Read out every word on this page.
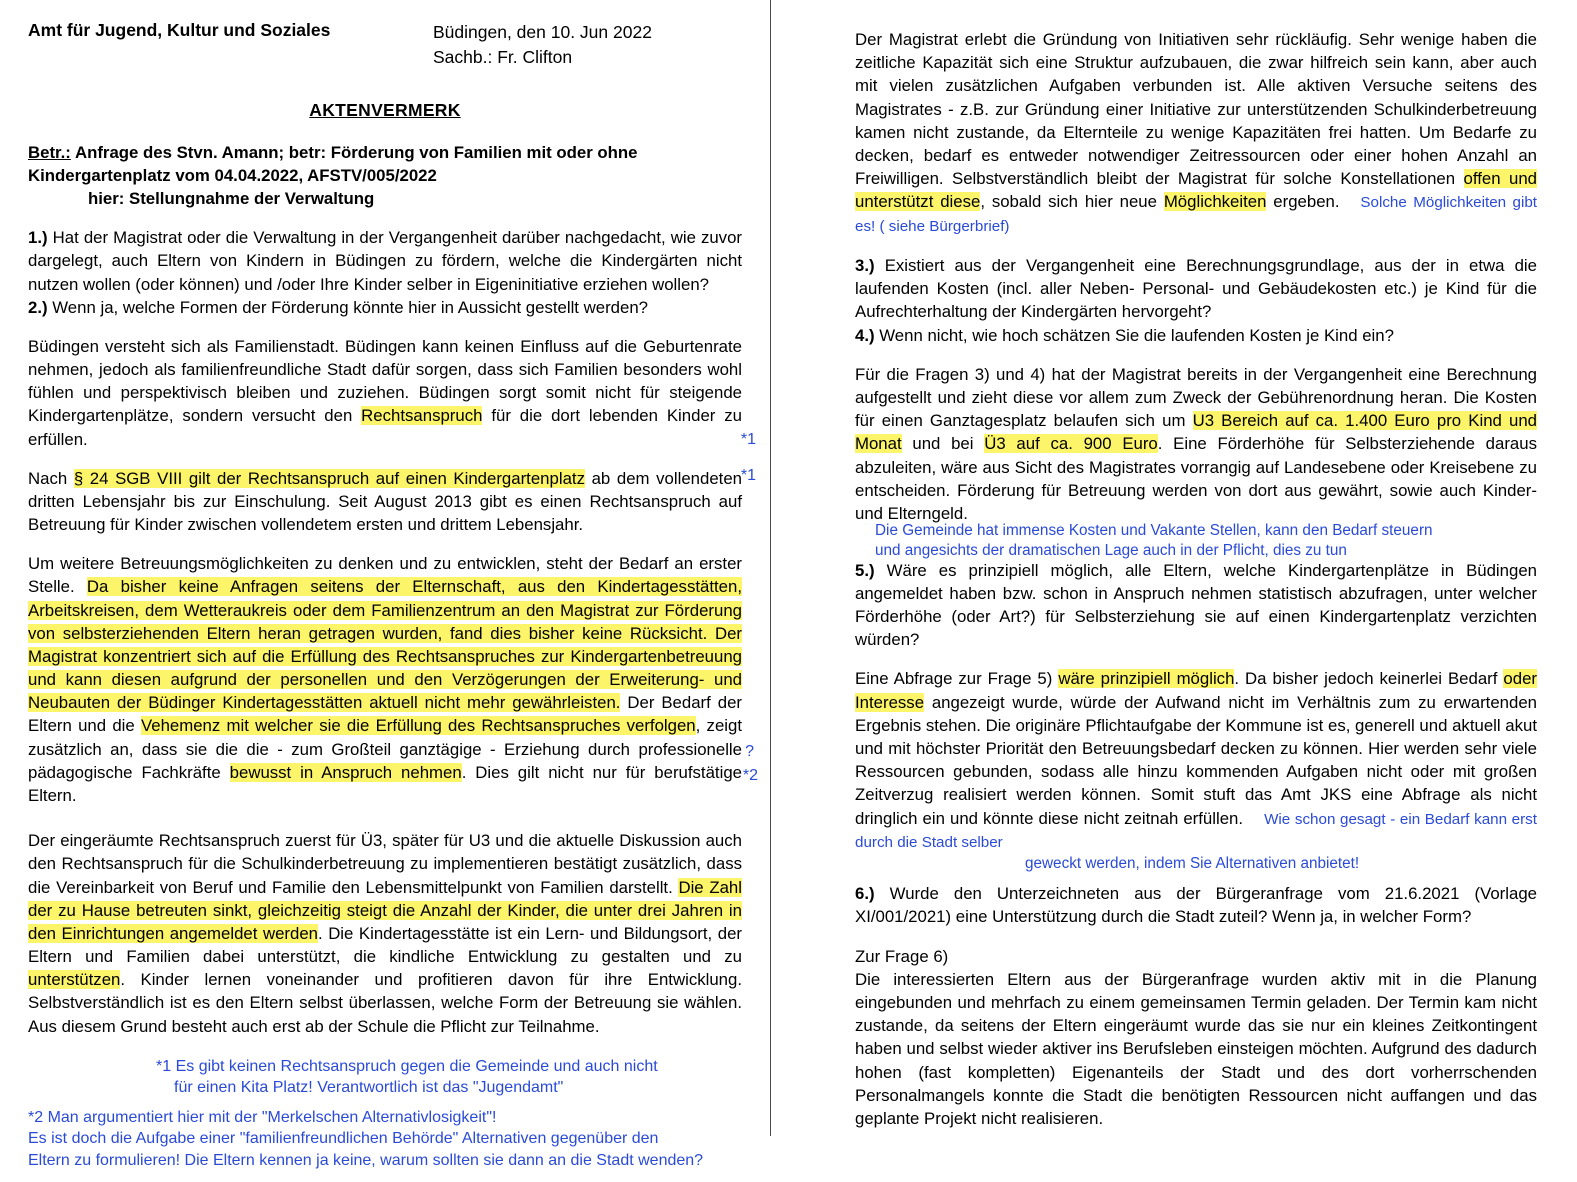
Amt für Jugend, Kultur und Soziales	Büdingen, den 10. Jun 2022
Sachb.: Fr. Clifton
AKTENVERMERK
Betr.: Anfrage des Stvn. Amann; betr: Förderung von Familien mit oder ohne
Kindergartenplatz vom 04.04.2022, AFSTV/005/2022
hier: Stellungnahme der Verwaltung

1.) Hat der Magistrat oder die Verwaltung in der Vergangenheit darüber nachgedacht, wie zuvor dargelegt, auch Eltern von Kindern in Büdingen zu fördern, welche die Kindergärten nicht nutzen wollen (oder können) und /oder Ihre Kinder selber in Eigeninitiative erziehen wollen?

2.) Wenn ja, welche Formen der Förderung könnte hier in Aussicht gestellt werden?

Büdingen versteht sich als Familienstadt. Büdingen kann keinen Einfluss auf die Geburtenrate nehmen, jedoch als familienfreundliche Stadt dafür sorgen, dass sich Familien besonders wohl fühlen und perspektivisch bleiben und zuziehen. Büdingen sorgt somit nicht für steigende Kindergartenplätze, sondern versucht den Rechtsanspruch für die dort lebenden Kinder zu erfüllen.	*1

Nach § 24 SGB VIII gilt der Rechtsanspruch auf einen Kindergartenplatz ab dem vollendeten dritten Lebensjahr bis zur Einschulung. Seit August 2013 gibt es einen Rechtsanspruch auf Betreuung für Kinder zwischen vollendetem ersten und drittem Lebensjahr.

*1

Um weitere Betreuungsmöglichkeiten zu denken und zu entwicklen, steht der Bedarf an erster Stelle. Da bisher keine Anfragen seitens der Elternschaft, aus den Kindertagesstätten, Arbeitskreisen, dem Wetteraukreis oder dem Familienzentrum an den Magistrat zur Förderung von selbsterziehenden Eltern heran getragen wurden, fand dies bisher keine Rücksicht. Der Magistrat konzentriert sich auf die Erfüllung des Rechtsanspruches zur Kindergartenbetreuung und kann diesen aufgrund der personellen und den Verzögerungen der Erweiterung- und Neubauten der Büdinger Kindertagesstätten aktuell nicht mehr gewährleisten. Der Bedarf der Eltern und die Vehemenz mit welcher sie die Erfüllung des Rechtsanspruches verfolgen, zeigt zusätzlich an, dass sie die die - zum Großteil ganztägige - Erziehung durch professionelle pädagogische Fachkräfte bewusst in Anspruch nehmen. Dies gilt nicht nur für berufstätige Eltern.

?
*2

Der eingeräumte Rechtsanspruch zuerst für Ü3, später für U3 und die aktuelle Diskussion auch den Rechtsanspruch für die Schulkinderbetreuung zu implementieren bestätigt zusätzlich, dass die Vereinbarkeit von Beruf und Familie den Lebensmittelpunkt von Familien darstellt. Die Zahl der zu Hause betreuten sinkt, gleichzeitig steigt die Anzahl der Kinder, die unter drei Jahren in den Einrichtungen angemeldet werden. Die Kindertagesstätte ist ein Lern- und Bildungsort, der Eltern und Familien dabei unterstützt, die kindliche Entwicklung zu gestalten und zu unterstützen. Kinder lernen voneinander und profitieren davon für ihre Entwicklung. Selbstverständlich ist es den Eltern selbst überlassen, welche Form der Betreuung sie wählen. Aus diesem Grund besteht auch erst ab der Schule die Pflicht zur Teilnahme.

*1 Es gibt keinen Rechtsanspruch gegen die Gemeinde und auch nicht
für einen Kita Platz! Verantwortlich ist das "Jugendamt"
*2 Man argumentiert hier mit der "Merkelschen Alternativlosigkeit"!
Es ist doch die Aufgabe einer "familienfreundlichen Behörde" Alternativen gegenüber den
Eltern zu formulieren! Die Eltern kennen ja keine, warum sollten sie dann an die Stadt wenden?

Der Magistrat erlebt die Gründung von Initiativen sehr rückläufig. Sehr wenige haben die zeitliche Kapazität sich eine Struktur aufzubauen, die zwar hilfreich sein kann, aber auch mit vielen zusätzlichen Aufgaben verbunden ist. Alle aktiven Versuche seitens des Magistrates - z.B. zur Gründung einer Initiative zur unterstützenden Schulkinderbetreuung kamen nicht zustande, da Elternteile zu wenige Kapazitäten frei hatten. Um Bedarfe zu decken, bedarf es entweder notwendiger Zeitressourcen oder einer hohen Anzahl an Freiwilligen. Selbstverständlich bleibt der Magistrat für solche Konstellationen offen und unterstützt diese, sobald sich hier neue Möglichkeiten ergeben. Solche Möglichkeiten gibt es! ( siehe Bürgerbrief)

3.) Existiert aus der Vergangenheit eine Berechnungsgrundlage, aus der in etwa die laufenden Kosten (incl. aller Neben- Personal- und Gebäudekosten etc.) je Kind für die Aufrechterhaltung der Kindergärten hervorgeht?

4.) Wenn nicht, wie hoch schätzen Sie die laufenden Kosten je Kind ein?

Für die Fragen 3) und 4) hat der Magistrat bereits in der Vergangenheit eine Berechnung aufgestellt und zieht diese vor allem zum Zweck der Gebührenordnung heran. Die Kosten für einen Ganztagesplatz belaufen sich um U3 Bereich auf ca. 1.400 Euro pro Kind und Monat und bei Ü3 auf ca. 900 Euro. Eine Förderhöhe für Selbsterziehende daraus abzuleiten, wäre aus Sicht des Magistrates vorrangig auf Landesebene oder Kreisebene zu entscheiden. Förderung für Betreuung werden von dort aus gewährt, sowie auch Kinder- und Elterngeld.

Die Gemeinde hat immense Kosten und Vakante Stellen, kann den Bedarf steuern
und angesichts der dramatischen Lage auch in der Pflicht, dies zu tun

5.) Wäre es prinzipiell möglich, alle Eltern, welche Kindergartenplätze in Büdingen angemeldet haben bzw. schon in Anspruch nehmen statistisch abzufragen, unter welcher Förderhöhe (oder Art?) für Selbsterziehung sie auf einen Kindergartenplatz verzichten würden?

Eine Abfrage zur Frage 5) wäre prinzipiell möglich. Da bisher jedoch keinerlei Bedarf oder Interesse angezeigt wurde, würde der Aufwand nicht im Verhältnis zum zu erwartenden Ergebnis stehen. Die originäre Pflichtaufgabe der Kommune ist es, generell und aktuell akut und mit höchster Priorität den Betreuungsbedarf decken zu können. Hier werden sehr viele Ressourcen gebunden, sodass alle hinzu kommenden Aufgaben nicht oder mit großen Zeitverzug realisiert werden können. Somit stuft das Amt JKS eine Abfrage als nicht dringlich ein und könnte diese nicht zeitnah erfüllen. Wie schon gesagt - ein Bedarf kann erst durch die Stadt selber

geweckt werden, indem Sie Alternativen anbietet!

6.) Wurde den Unterzeichneten aus der Bürgeranfrage vom 21.6.2021 (Vorlage XI/001/2021) eine Unterstützung durch die Stadt zuteil? Wenn ja, in welcher Form?

Zur Frage 6)

Die interessierten Eltern aus der Bürgeranfrage wurden aktiv mit in die Planung eingebunden und mehrfach zu einem gemeinsamen Termin geladen. Der Termin kam nicht zustande, da seitens der Eltern eingeräumt wurde das sie nur ein kleines Zeitkontingent haben und selbst wieder aktiver ins Berufsleben einsteigen möchten. Aufgrund des dadurch hohen (fast kompletten) Eigenanteils der Stadt und des dort vorherrschenden Personalmangels konnte die Stadt die benötigten Ressourcen nicht auffangen und das geplante Projekt nicht realisieren.
